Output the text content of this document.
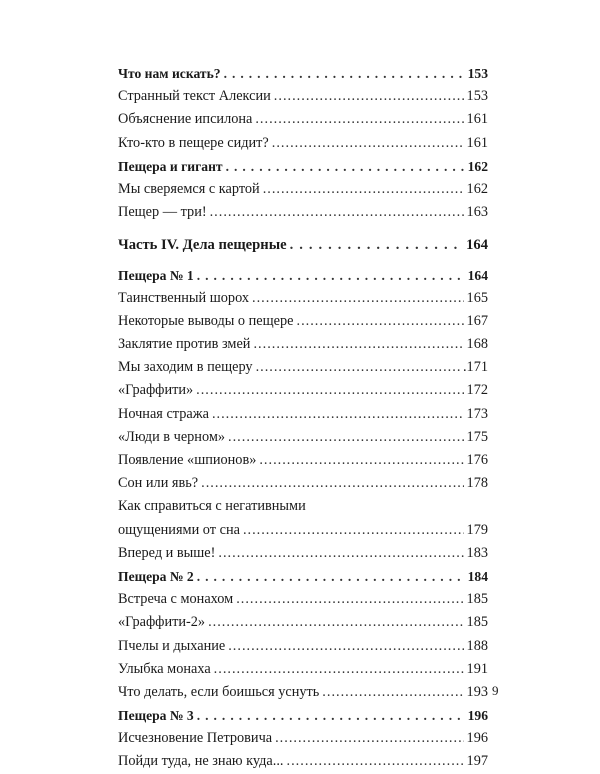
Что нам искать? .....	153
Странный текст Алексии .....	153
Объяснение ипсилона .....	161
Кто-кто в пещере сидит? .....	161
Пещера и гигант .....	162
Мы сверяемся с картой .....	162
Пещер — три! .....	163
Часть IV. Дела пещерные .....	164
Пещера № 1 .....	164
Таинственный шорох .....	165
Некоторые выводы о пещере .....	167
Заклятие против змей .....	168
Мы заходим в пещеру .....	.171
«Граффити» .....	172
Ночная стража .....	173
«Люди в черном» .....	175
Появление «шпионов» .....	176
Сон или явь? .....	178
Как справиться с негативными
ощущениями от сна .....	179
Вперед и выше! .....	183
Пещера № 2 .....	184
Встреча с монахом .....	185
«Граффити-2» .....	185
Пчелы и дыхание .....	188
Улыбка монаха .....	191
Что делать, если боишься уснуть .....	193
Пещера № 3 .....	196
Исчезновение Петровича .....	196
Пойди туда, не знаю куда... .....	197
9
